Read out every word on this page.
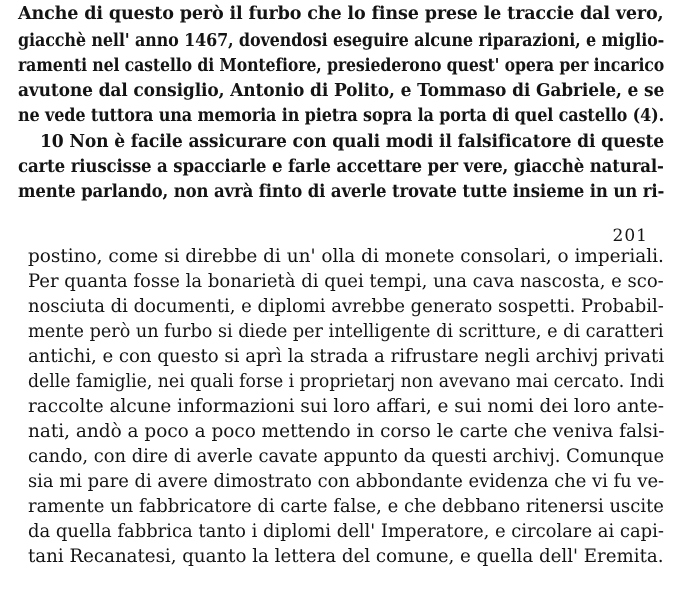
Anche di questo però il furbo che lo finse prese le traccie dal vero,
giacchè nell' anno 1467, dovendosi eseguire alcune riparazioni, e miglio-
ramenti nel castello di Montefiore, presiederono quest' opera per incarico
avutone dal consiglio, Antonio di Polito, e Tommaso di Gabriele, e se
ne vede tuttora una memoria in pietra sopra la porta di quel castello (4).
10 Non è facile assicurare con quali modi il falsificatore di queste
carte riuscisse a spacciarle e farle accettare per vere, giacchè natural-
mente parlando, non avrà finto di averle trovate tutte insieme in un ri-
201
postino, come si direbbe di un' olla di monete consolari, o imperiali.
Per quanta fosse la bonarietà di quei tempi, una cava nascosta, e sco-
nosciuta di documenti, e diplomi avrebbe generato sospetti. Probabil-
mente però un furbo si diede per intelligente di scritture, e di caratteri
antichi, e con questo si aprì la strada a rifrustare negli archivj privati
delle famiglie, nei quali forse i proprietarj non avevano mai cercato. Indi
raccolte alcune informazioni sui loro affari, e sui nomi dei loro ante-
nati, andò a poco a poco mettendo in corso le carte che veniva falsi-
cando, con dire di averle cavate appunto da questi archivj. Comunque
sia mi pare di avere dimostrato con abbondante evidenza che vi fu ve-
ramente un fabbricatore di carte false, e che debbano ritenersi uscite
da quella fabbrica tanto i diplomi dell' Imperatore, e circolare ai capi-
tani Recanatesi, quanto la lettera del comune, e quella dell' Eremita.
